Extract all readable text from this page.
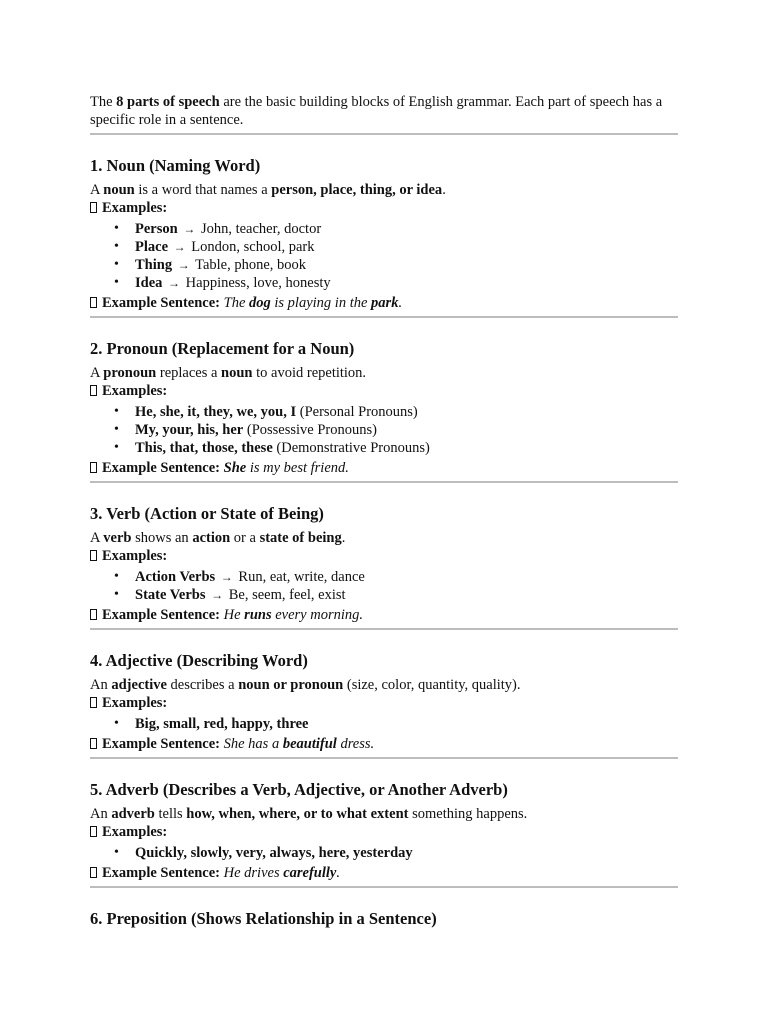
The 8 parts of speech are the basic building blocks of English grammar. Each part of speech has a specific role in a sentence.

1. Noun (Naming Word)

A noun is a word that names a person, place, thing, or idea.

Examples:

• Person → John, teacher, doctor
• Place → London, school, park
• Thing → Table, phone, book
• Idea → Happiness, love, honesty

Example Sentence: The dog is playing in the park.

2. Pronoun (Replacement for a Noun)

A pronoun replaces a noun to avoid repetition.

Examples:

• He, she, it, they, we, you, I (Personal Pronouns)
• My, your, his, her (Possessive Pronouns)
• This, that, those, these (Demonstrative Pronouns)

Example Sentence: She is my best friend.

3. Verb (Action or State of Being)

A verb shows an action or a state of being.

Examples:

• Action Verbs → Run, eat, write, dance
• State Verbs → Be, seem, feel, exist

Example Sentence: He runs every morning.

4. Adjective (Describing Word)

An adjective describes a noun or pronoun (size, color, quantity, quality).

Examples:

• Big, small, red, happy, three

Example Sentence: She has a beautiful dress.

5. Adverb (Describes a Verb, Adjective, or Another Adverb)

An adverb tells how, when, where, or to what extent something happens.

Examples:

• Quickly, slowly, very, always, here, yesterday

Example Sentence: He drives carefully.

6. Preposition (Shows Relationship in a Sentence)
